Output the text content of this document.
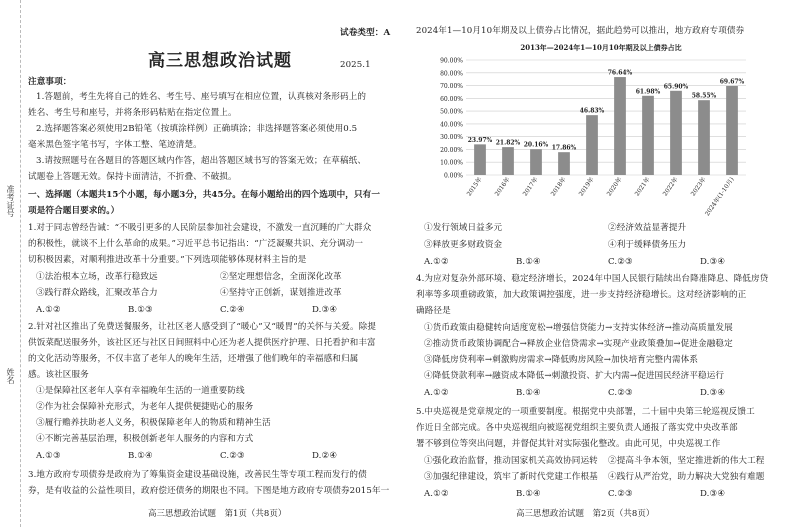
准考证号
姓名
试卷类型：A
高三思想政治试题	2025.1
注意事项：
1.答题前，考生先将自己的姓名、考生号、座号填写在相应位置，认真核对条形码上的
姓名、考生号和座号，并将条形码粘贴在指定位置上。
2.选择题答案必须使用2B铅笔（按填涂样例）正确填涂；非选择题答案必须使用0.5
毫米黑色签字笔书写，字体工整、笔迹清楚。
3.请按照题号在各题目的答题区域内作答，超出答题区域书写的答案无效；在草稿纸、
试题卷上答题无效。保持卡面清洁，不折叠、不破损。
一、选择题（本题共15个小题，每小题3分，共45分。在每小题给出的四个选项中，只有一
项是符合题目要求的。）
1.对于同志曾经告诫：“不吸引更多的人民阶层参加社会建设，不激发一直沉睡的广大群众
的积极性，就谈不上什么革命的成果。”习近平总书记指出：“广泛凝聚共识、充分调动一
切积极因素，对顺利推进改革十分重要。”下列选项能够体现材料主旨的是
①法治根本立场，改革行稳致远	②坚定理想信念，全面深化改革
③践行群众路线，汇聚改革合力	④坚持守正创新，谋划推进改革
A.①②	B.①③	C.②④	D.③④
2.针对社区推出了免费送餐服务，让社区老人感受到了“暖心”又“暖胃”的关怀与关爱。除提
供饭菜配送服务外，该社区还与社区日间照料中心还为老人提供医疗护理、日托看护和丰富
的文化活动等服务，不仅丰富了老年人的晚年生活，还增强了他们晚年的幸福感和归属
感。该社区服务
①是保障社区老年人享有幸福晚年生活的一道重要防线
②作为社会保障补充形式，为老年人提供便捷贴心的服务
③履行赡养扶助老人义务，积极保障老年人的物质和精神生活
④不断完善基层治理，积极创新老年人服务的内容和方式
A.①③	B.①④	C.②③	D.②④
3.地方政府专项债券是政府为了筹集资金建设基础设施，改善民生等专项工程而发行的债
券，是有收益的公益性项目，政府偿还债务的期限也不同。下图是地方政府专项债券2015年一
高三思想政治试题　第1页（共8页）
2024年1—10月10年期及以上债券占比情况，据此趋势可以推出，地方政府专项债券
2013年—2024年1—10月10年期及以上债券占比
0.00%
10.00%
20.00%
30.00%
40.00%
50.00%
60.00%
70.00%
80.00%
90.00%
23.97%
2015年
21.82%
2016年
20.16%
2017年
17.86%
2018年
46.83%
2019年
76.64%
2020年
61.98%
2021年
65.90%
2022年
58.55%
2023年
69.67%
2024年(1-10月)
①发行领域日益多元	②经济效益显著提升
③释放更多财政资金	④利于缓释债务压力
A.①②	B.①④	C.②③	D.③④
4.为应对复杂外部环境、稳定经济增长，2024年中国人民银行陆续出台降准降息、降低房贷
利率等多项重磅政策，加大政策调控强度，进一步支持经济稳增长。这对经济影响的正
确路径是
①货币政策由稳健转向适度宽松→增强信贷能力→支持实体经济→推动高质量发展
②推动货币政策协调配合→释放企业信贷需求→实现产业政策叠加→促进金融稳定
③降低房贷利率→刺激购房需求→降低购房风险→加快培育完整内需体系
④降低贷款利率→融资成本降低→刺激投资、扩大内需→促进国民经济平稳运行
A.①②	B.①④	C.②③	D.③④
5.中央巡视是党章规定的一项重要制度。根据党中央部署，二十届中央第三轮巡视反馈工
作近日全部完成。各中央巡视组向被巡视党组织主要负责人通报了落实党中央改革部
署不够到位等突出问题，并督促其针对实际强化整改。由此可见，中央巡视工作
①强化政治监督，推动国家机关高效协同运转 ②提高斗争本领，坚定推进新的伟大工程
③加强纪律建设，筑牢了新时代党建工作根基 ④践行从严治党，助力解决大党独有难题
A.①②	B.①④	C.②③	D.③④
高三思想政治试题　第2页（共8页）
